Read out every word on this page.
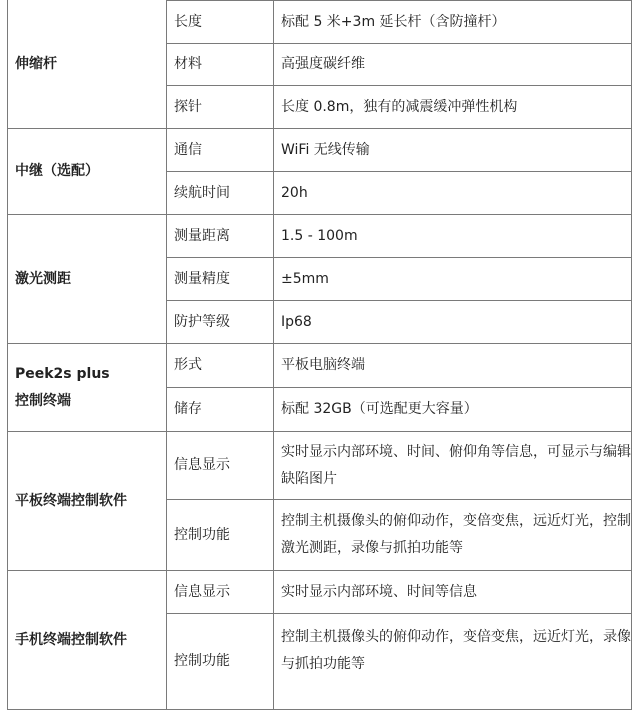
伸缩杆	长度	标配 5 米+3m 延长杆（含防撞杆）
	材料	高强度碳纤维
	探针	长度 0.8m，独有的减震缓冲弹性机构
中继（选配）	通信	WiFi 无线传输
	续航时间	20h
激光测距	测量距离	1.5 - 100m
	测量精度	±5mm
	防护等级	Ip68

Peek2s plus
控制终端	形式	平板电脑终端
	储存	标配 32GB（可选配更大容量）
平板终端控制软件	信息显示	实时显示内部环境、时间、俯仰角等信息，可显示与编辑缺陷图片
	控制功能	控制主机摄像头的俯仰动作，变倍变焦，远近灯光，控制激光测距，录像与抓拍功能等
手机终端控制软件	信息显示	实时显示内部环境、时间等信息
	控制功能	控制主机摄像头的俯仰动作，变倍变焦，远近灯光，录像与抓拍功能等
